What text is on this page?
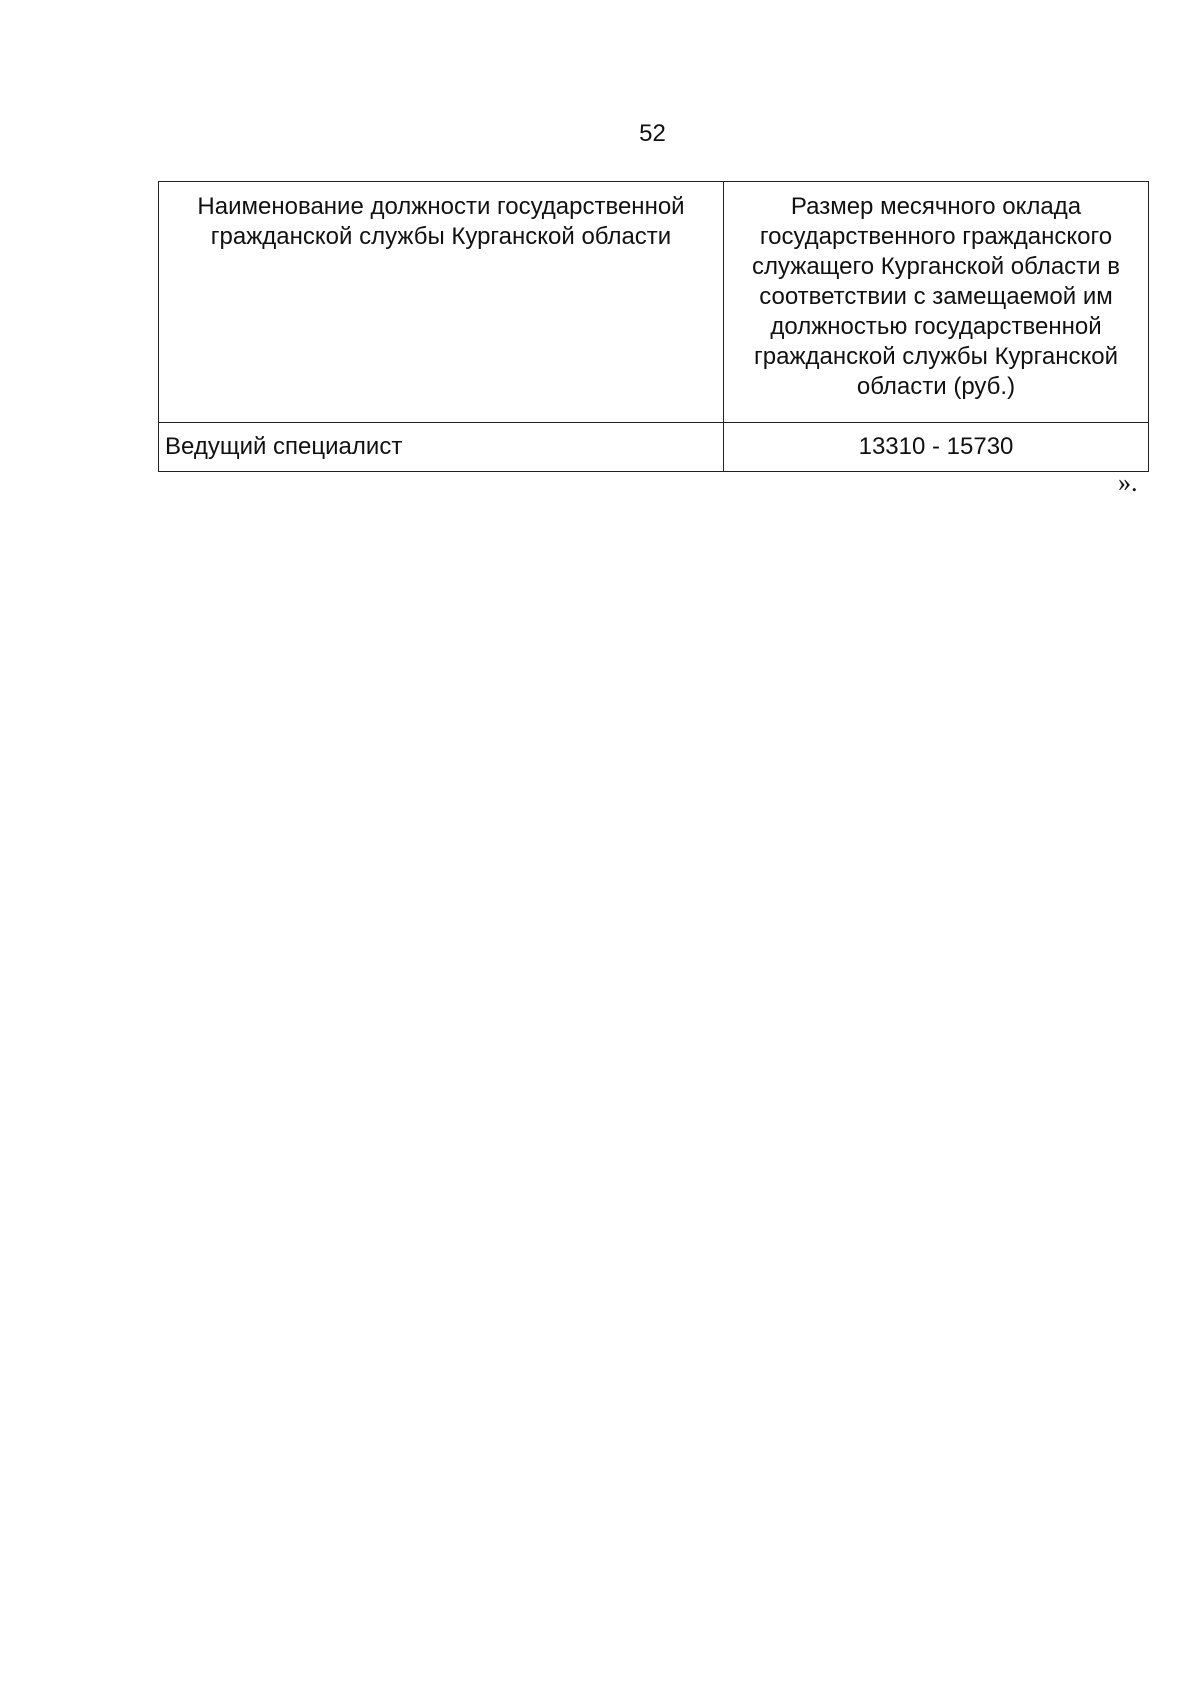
52
Наименование должности государственной гражданской службы Курганской области	Размер месячного оклада государственного гражданского служащего Курганской области в соответствии с замещаемой им должностью государственной гражданской службы Курганской области (руб.)
Ведущий специалист	13310 - 15730
».
